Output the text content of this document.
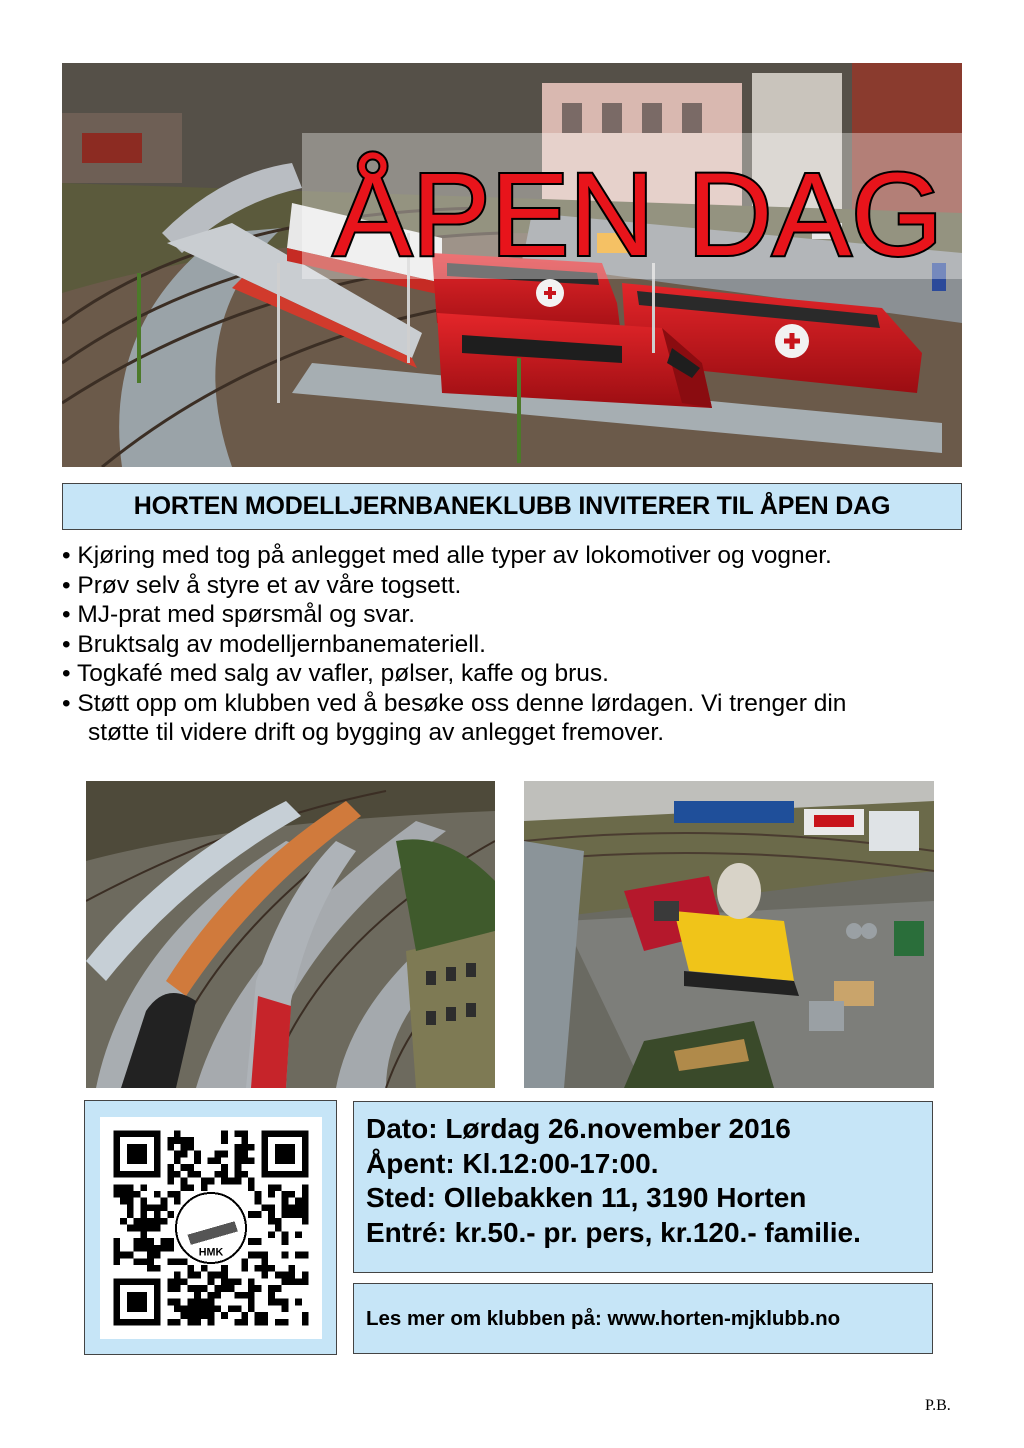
ÅPEN DAG
HORTEN MODELLJERNBANEKLUBB INVITERER TIL ÅPEN DAG
• Kjøring med tog på anlegget med alle typer av lokomotiver og vogner.
• Prøv selv å styre et av våre togsett.
• MJ-prat med spørsmål og svar.
• Bruktsalg av modelljernbanemateriell.
• Togkafé med salg av vafler, pølser, kaffe og brus.
• Støtt opp om klubben ved å besøke oss denne lørdagen. Vi trenger din
støtte til videre drift og bygging av anlegget fremover.
HMK
Dato: Lørdag 26.november 2016
Åpent: Kl.12:00-17:00.
Sted: Ollebakken 11, 3190 Horten
Entré: kr.50.- pr. pers, kr.120.- familie.
Les mer om klubben på: www.horten-mjklubb.no
P.B.
